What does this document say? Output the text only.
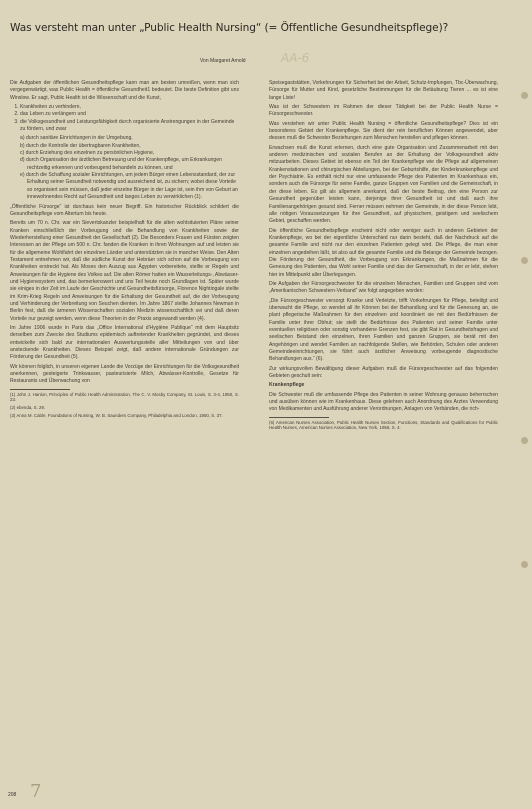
Was versteht man unter „Public Health Nursing“ (= Öffentliche Gesundheitspflege)?
Von Margaret Arnold	AA-6

Die Aufgaben der öffentlichen Gesundheitspflege kann man am besten umreißen, wenn man sich vergegenwärtigt, was Public Health = öffentliche Gesundheit1 bedeutet. Die beste Definition gibt uns Winslow. Er sagt, Public Health ist die Wissenschaft und die Kunst,

1. Krankheiten zu verhindern,
2. das Leben zu verlängern und
3. die Volksgesundheit und Leistungsfähigkeit durch organisierte Anstrengungen in der Gemeinde zu fördern, und zwar
a) durch sanitäre Einrichtungen in der Umgebung,
b) durch die Kontrolle der übertragbaren Krankheiten,
c) durch Erziehung des einzelnen zu persönlichen Hygiene,
d) durch Organisation der ärztlichen Betreuung und der Krankenpflege, um Erkrankungen rechtzeitig erkennen und vorbeugend behandeln zu können, und
e) durch die Schaffung sozialer Einrichtungen, um jedem Bürger einen Lebensstandard, der zur Erhaltung seiner Gesundheit notwendig und ausreichend ist, zu sichern; wobei diese Vorteile so organisiert sein müssen, daß jeder einzelne Bürger in der Lage ist, sein ihm von Geburt an innewohnendes Recht auf Gesundheit und langes Leben zu verwirklichen (1).

„Öffentliche Fürsorge“ ist durchaus kein neuer Begriff. Ein historischer Rückblick schildert die Gesundheitspflege vom Altertum bis heute.

Bereits um 70 n. Chr. war ein Sievertskanzler beispielhaft für die alten wohlsituierten Pläne seiner Kranken einschließlich der Vorbeugung und die Behandlung von Krankheiten sowie der Wiederherstellung einer Gesundheit der Gesellschaft (2). Die Besonders Frauen und Fürsten zeigten Interessen an der Pflege um 500 n. Chr. fanden die Kranken in ihren Wohnungen auf und leisten sie für die allgemeine Wohlfahrt der einzelnen Länder und unterstützten sie in mancher Weise. Den Alten Testament entnehmen wir, daß die südliche Kunst der Hebräer sich schon auf die Vorbeugung von Krankheiten erstreckt hat. Als Moses den Auszug aus Ägypten vorbereitete, stellte er Regeln und Anweisungen für die Hygiene des Volkes auf. Die alten Römer hatten ein Wasserleitungs-, Abwässer- und Hygienesystem und, das bemerkenswert und uns Teil heute noch Grundlagen ist. Später wurde sie einiges in der Zeit im Laufe der Geschichte und Gesundheitsfürsorge, Florence Nightingale stellte im Krim-Krieg Regeln und Anweisungen für die Erhaltung der Gesundheit auf, die der Vorbeugung und Verhinderung der Verbreitung von Seuchen dienten. Im Jahre 1867 stellte Johannes Newman in Berlin fest, daß die ärmeren Wissenschaften sozialen Medizin wissenschaftlich sei und daß deren Vorteile nur gezeigt werden, wenn diese Theorien in der Praxis angewandt werden (4).

Im Jahre 1906 wurde in Paris das „Office International d'Hygiène Publique“ mit dem Hauptsitz derselben zum Zwecke des Studiums epidemisch auftretender Krankheiten gegründet, und dieses entwickelte sich bald zur internationalen Auswertungsstelle aller Mitteilungen von und über ansteckende Krankheiten. Dieses Beispiel zeigt, daß andere internationale Gründungen zur Förderung der Gesundheit (5).

Wir können folglich, in unseren eigenen Lande die Vorzüge der Einrichtungen für die Volksgesundheit anerkennen, gesteigerte Trinkwasser, pasteurisierte Milch, Abwässer-Kontrolle, Gesetze für Restaurants und Überwachung von

(1) John J. Hanlon, Principles of Public Health Administration, The C. V. Mosby Company, St. Louis, S. 3-4, 1950, S. 23.

(2) ebenda, S. 29.

(3) Anna M. Cable, Foundations of Nursing, W. B. Saunders Company, Philadelphia and London, 1950, S. 37.

Speisegaststätten, Vorkehrungen für Sicherheit bei der Arbeit, Schutz-Impfungen, Tbc-Überwachung, Fürsorge für Mutter und Kind, gesetzliche Bestimmungen für die Betäubung Tieren ... es ist eine lange Liste!

Was ist der Schwestern im Rahmen der dieser Tätigkeit bei der Public Health Nurse = Fürsorgeschwester.

Was verstehen wir unter Public Health Nursing = öffentliche Gesundheitspflege? Dies ist ein besonderes Gebiet der Krankenpflege. Sie dient der rein beruflichen Können angewendet, aber dessen muß die Schwester Beziehungen zum Menschen herstellen und pflegen können.

Erwachsen muß die Kunst erlernen, durch eine gute Organisation und Zusammenarbeit mit den anderen medizinischen und sozialen Berufen an der Erhaltung der Volksgesundheit aktiv mitzuarbeiten. Dieses Gebiet ist ebenso ein Teil der Krankenpflege wie die Pflege auf allgemeinen Krankenstationen und chirurgischen Abteilungen, bei der Geburtshilfe, der Kinderkrankenpflege und der Psychiatrie. Es enthält nicht nur eine umfassende Pflege des Patienten im Krankenhaus ein, sondern auch die Fürsorge für seine Familie, ganze Gruppen von Familien und die Gemeinschaft, in der diese leben. Es gilt als allgemein anerkannt, daß der beste Beitrag, den eine Person zur Gesundheit gegenüber leisten kann, derjenige ihrer Gesundheit ist und daß auch ihre Familienangehörigen gesund sind. Ferner müssen nehmen der Gemeinde, in der diese Person lebt, alle nötigen Voraussetzungen für ihre Gesundheit, auf physischem, geistigem und seelischem Gebiet, geschaffen werden.

Die öffentliche Gesundheitspflege erscheint nicht oder weniger auch in anderen Gebieten der Krankenpflege, wo bei der eigentliche Unterschied nur darin besteht, daß der Nachdruck auf die gesamte Familie und nicht nur den einzelnen Patienten gelegt wird. Die Pflege, die man einer einzelnen angedeihen läßt, ist also auf die gesamte Familie und die Belange der Gemeinde bezogen. Die Förderung der Gesundheit, die Vorbeugung von Erkrankungen, die Maßnahmen für die Genesung des Patienten, das Wohl seiner Familie und das der Gemeinschaft, in der er lebt, stehen hier im Mittelpunkt aller Überlegungen.

Die Aufgaben der Fürsorgeschwester für die einzelnen Menschen, Familien und Gruppen sind vom „Amerikanischen Schwestern-Verband“ wie folgt angegeben worden:

„Die Fürsorgeschwester versorgt Kranke und Verletzte, trifft Vorkehrungen für Pflege, beteiligt und überwacht die Pflege, so wendet all ihr Können bei der Behandlung und für die Genesung an, sie plant pflegerische Maßnahmen für den einzelnen und koordiniert sie mit den Bedürfnissen der Familie unter ihrer Obhut; sie stellt die Bedürfnisse des Patienten und seiner Familie unter eventuellen religiösen oder sonstig vorhandene Grenzen fest, sie gibt Rat in Gesundheitsfragen und seelischen Beistand den einzelnen, ihren Familien und ganzen Gruppen, sie berät mit den Angehörigen und wendet Familien an nachfolgende Stellen, wie Behörden, Schulen oder anderen Gemeindeeinrichtungen, sie führt auch ärztlicher Anweisung vorbeugende diagnostische Behandlungen aus.“ (6).

Zur wirkungsvollen Bewältigung dieser Aufgaben muß die Fürsorgeschwester auf das folgenden Gebieten geschult sein:

Krankenpflege

Die Schwester muß die umfassende Pflege des Patienten in seiner Wohnung genauso beherrschen und ausüben können wie im Krankenhaus. Diese gelehren auch Anordnung des Arztes Verwendung von Medikamenten und Ausführung anderer Verordnungen, Anlagen von Verbänden, die rich-

(6) American Nurses Association, Public Health Nurses Section, Functions, Standards and Qualifications for Public Health Nurses, American Nurses Association, New York, 1956, S. 4.

208 7
